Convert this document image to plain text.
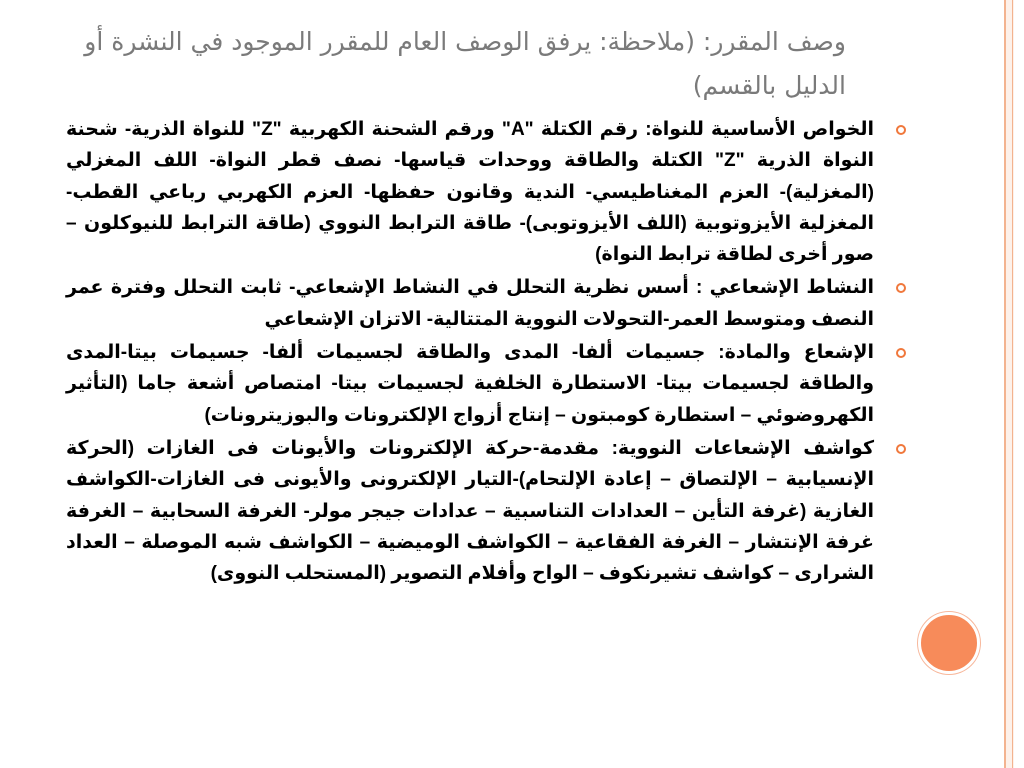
وصف المقرر: (ملاحظة: يرفق الوصف العام للمقرر الموجود في النشرة أو الدليل بالقسم)
الخواص الأساسية للنواة: رقم الكتلة "A" ورقم الشحنة الكهربية "Z" للنواة الذرية- شحنة النواة الذرية "Z" الكتلة والطاقة ووحدات قياسها- نصف قطر النواة- اللف المغزلي (المغزلية)- العزم المغناطيسي- الندية وقانون حفظها- العزم الكهربي رباعي القطب- المغزلية الأيزوتوبية (اللف الأيزوتوبى)- طاقة الترابط النووي (طاقة الترابط للنيوكلون – صور أخرى لطاقة ترابط النواة)
النشاط الإشعاعي : أسس نظرية التحلل في النشاط الإشعاعي- ثابت التحلل وفترة عمر النصف ومتوسط العمر-التحولات النووية المتتالية- الاتزان الإشعاعي
الإشعاع والمادة: جسيمات ألفا- المدى والطاقة لجسيمات ألفا- جسيمات بيتا-المدى والطاقة لجسيمات بيتا- الاستطارة الخلفية لجسيمات بيتا- امتصاص أشعة جاما (التأثير الكهروضوئي – استطارة كومبتون – إنتاج أزواج الإلكترونات والبوزيترونات)
كواشف الإشعاعات النووية: مقدمة-حركة الإلكترونات والأيونات فى الغازات (الحركة الإنسيابية – الإلتصاق – إعادة الإلتحام)-التيار الإلكترونى والأيونى فى الغازات-الكواشف الغازية (غرفة التأين – العدادات التناسبية – عدادات جيجر مولر- الغرفة السحابية – الغرفة غرفة الإنتشار – الغرفة الفقاعية – الكواشف الوميضية – الكواشف شبه الموصلة – العداد الشرارى – كواشف تشيرنكوف – الواح وأفلام التصوير (المستحلب النووى)
